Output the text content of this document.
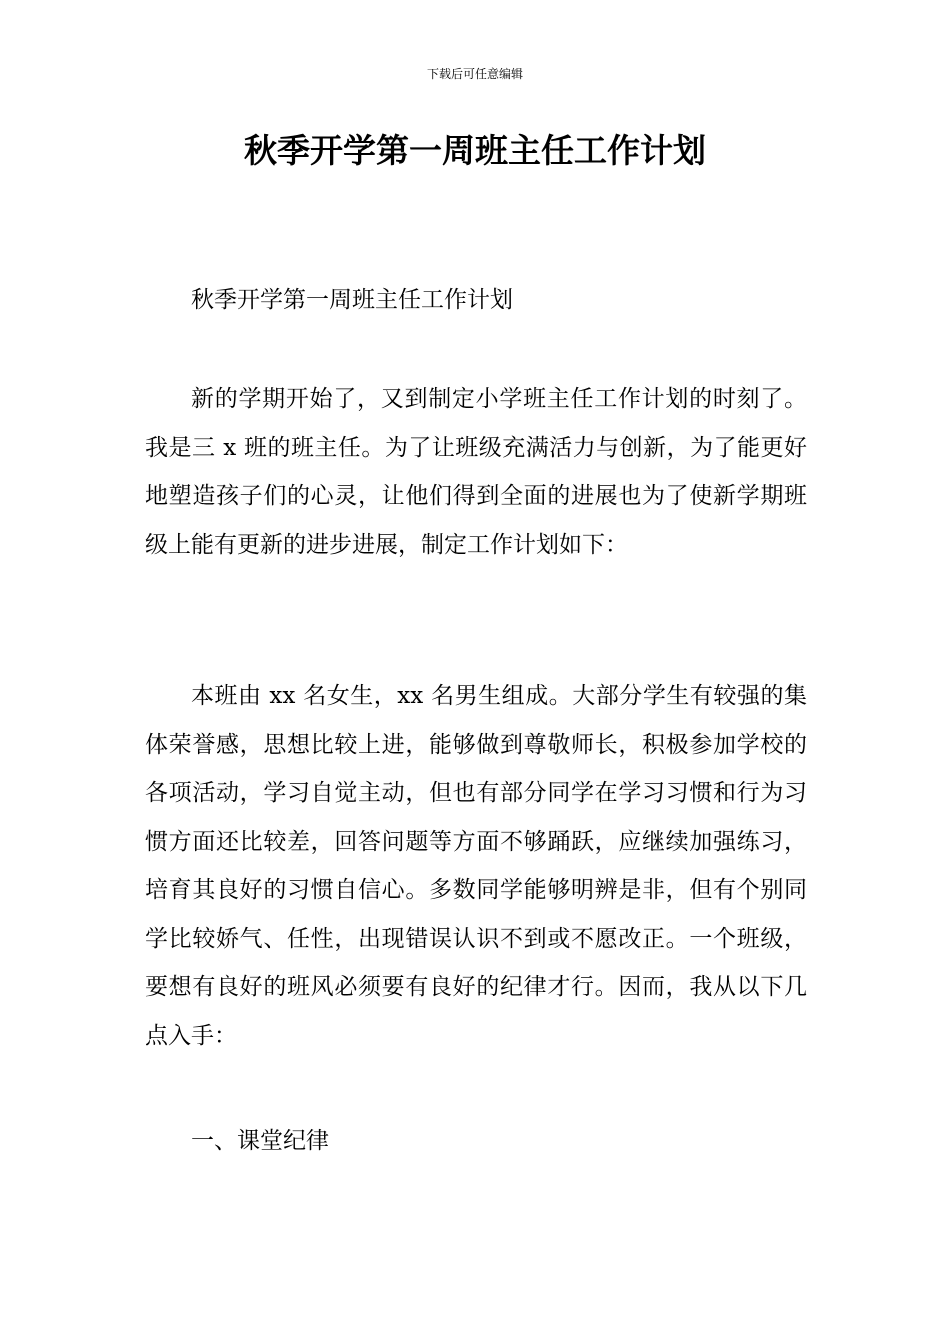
下载后可任意编辑
秋季开学第一周班主任工作计划

秋季开学第一周班主任工作计划

新的学期开始了，又到制定小学班主任工作计划的时刻了。我是三 x 班的班主任。为了让班级充满活力与创新，为了能更好地塑造孩子们的心灵，让他们得到全面的进展也为了使新学期班级上能有更新的进步进展，制定工作计划如下：

本班由 xx 名女生，xx 名男生组成。大部分学生有较强的集体荣誉感，思想比较上进，能够做到尊敬师长，积极参加学校的各项活动，学习自觉主动，但也有部分同学在学习习惯和行为习惯方面还比较差，回答问题等方面不够踊跃，应继续加强练习，培育其良好的习惯自信心。多数同学能够明辨是非，但有个别同学比较娇气、任性，出现错误认识不到或不愿改正。一个班级，要想有良好的班风必须要有良好的纪律才行。因而，我从以下几点入手：

一、课堂纪律
